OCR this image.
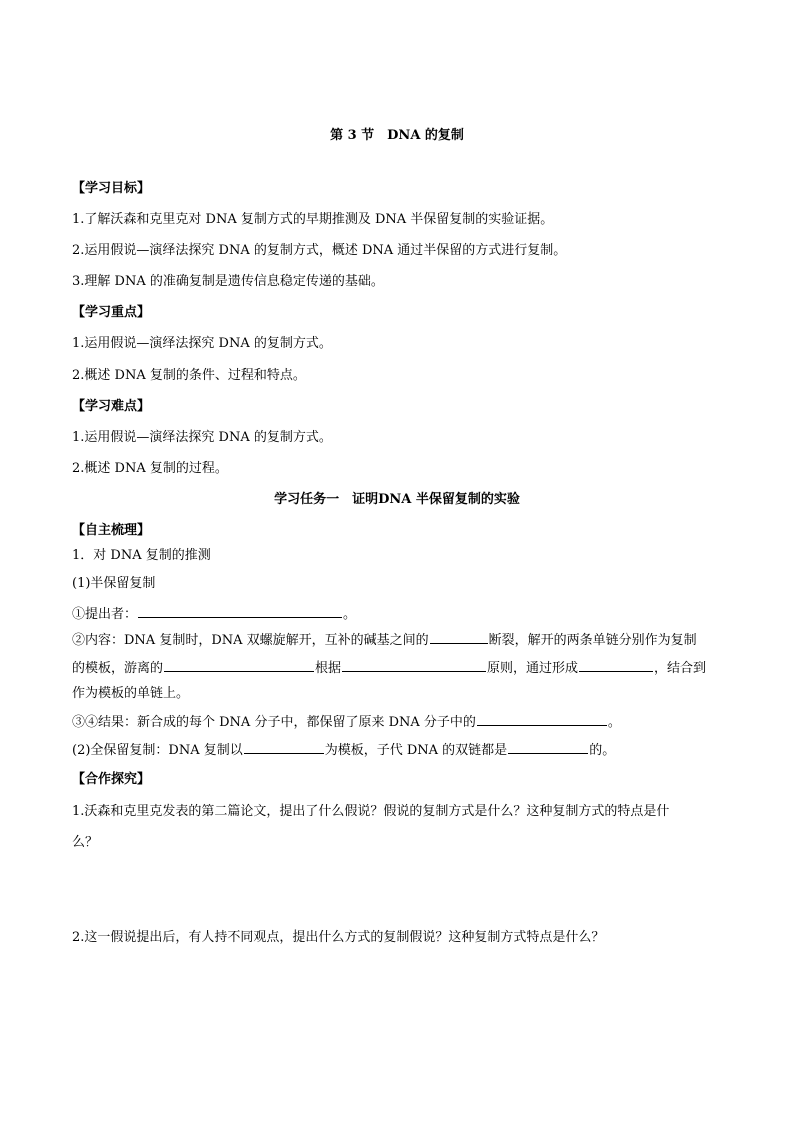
第 3 节　DNA 的复制
【学习目标】
1.了解沃森和克里克对 DNA 复制方式的早期推测及 DNA 半保留复制的实验证据。
2.运用假说—演绎法探究 DNA 的复制方式，概述 DNA 通过半保留的方式进行复制。
3.理解 DNA 的准确复制是遗传信息稳定传递的基础。
【学习重点】
1.运用假说—演绎法探究 DNA 的复制方式。
2.概述 DNA 复制的条件、过程和特点。
【学习难点】
1.运用假说—演绎法探究 DNA 的复制方式。
2.概述 DNA 复制的过程。
学习任务一　证明DNA 半保留复制的实验
【自主梳理】
1．对 DNA 复制的推测
(1)半保留复制
①提出者：	。
②内容：DNA 复制时，DNA 双螺旋解开，互补的碱基之间的	断裂，解开的两条单链分别作为复制
的模板，游离的	根据	原则，通过形成	，结合到
作为模板的单链上。
③④结果：新合成的每个 DNA 分子中，都保留了原来 DNA 分子中的	。
(2)全保留复制：DNA 复制以	为模板，子代 DNA 的双链都是	的。
【合作探究】
1.沃森和克里克发表的第二篇论文，提出了什么假说？假说的复制方式是什么？这种复制方式的特点是什
么？
2.这一假说提出后，有人持不同观点，提出什么方式的复制假说？这种复制方式特点是什么？
